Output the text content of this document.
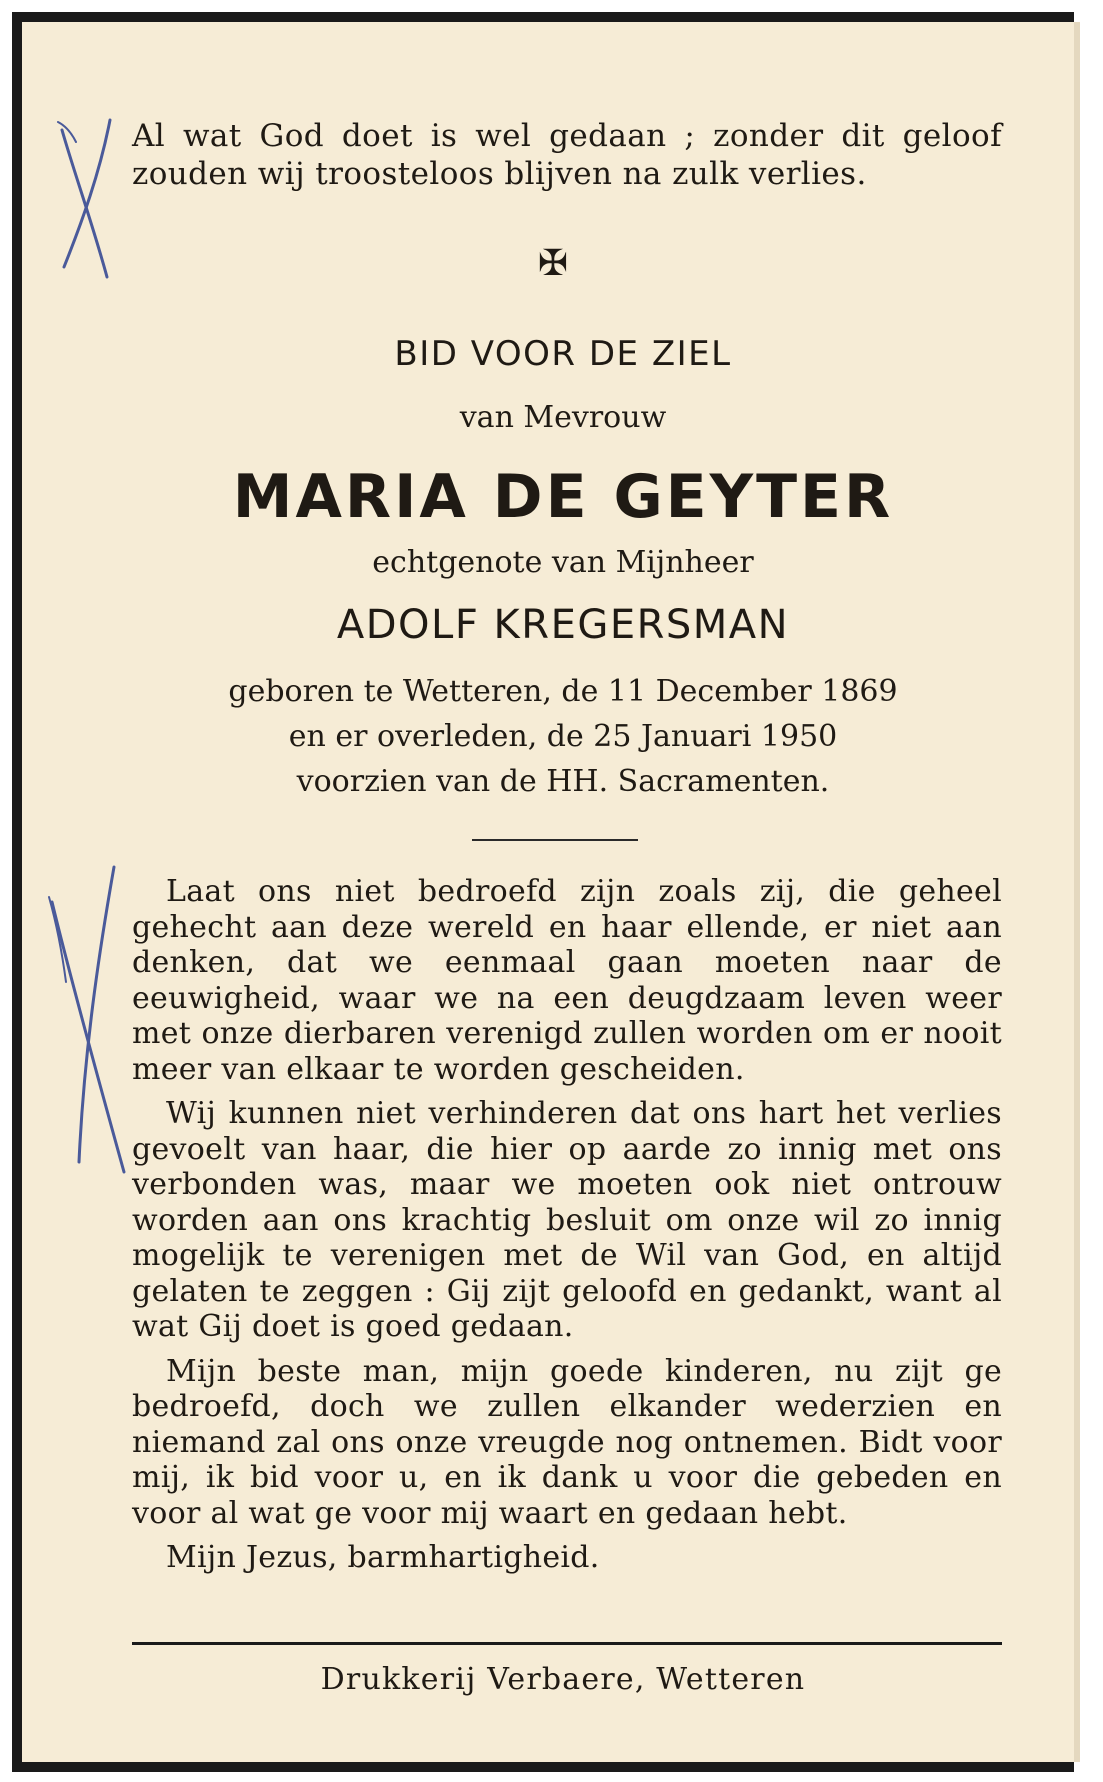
Al wat God doet is wel gedaan ; zonder dit geloof zouden wij troosteloos blijven na zulk verlies.
✠
BID VOOR DE ZIEL
van Mevrouw
MARIA DE GEYTER
echtgenote van Mijnheer
ADOLF KREGERSMAN
geboren te Wetteren, de 11 December 1869
en er overleden, de 25 Januari 1950
voorzien van de HH. Sacramenten.

Laat ons niet bedroefd zijn zoals zij, die geheel gehecht aan deze wereld en haar ellende, er niet aan denken, dat we eenmaal gaan moeten naar de eeuwigheid, waar we na een deugdzaam leven weer met onze dierbaren verenigd zullen worden om er nooit meer van elkaar te worden gescheiden.

Wij kunnen niet verhinderen dat ons hart het verlies gevoelt van haar, die hier op aarde zo innig met ons verbonden was, maar we moeten ook niet ontrouw worden aan ons krachtig besluit om onze wil zo innig mogelijk te verenigen met de Wil van God, en altijd gelaten te zeggen : Gij zijt geloofd en gedankt, want al wat Gij doet is goed gedaan.

Mijn beste man, mijn goede kinderen, nu zijt ge bedroefd, doch we zullen elkander wederzien en niemand zal ons onze vreugde nog ontnemen. Bidt voor mij, ik bid voor u, en ik dank u voor die gebeden en voor al wat ge voor mij waart en gedaan hebt.

Mijn Jezus, barmhartigheid.

Drukkerij Verbaere, Wetteren
